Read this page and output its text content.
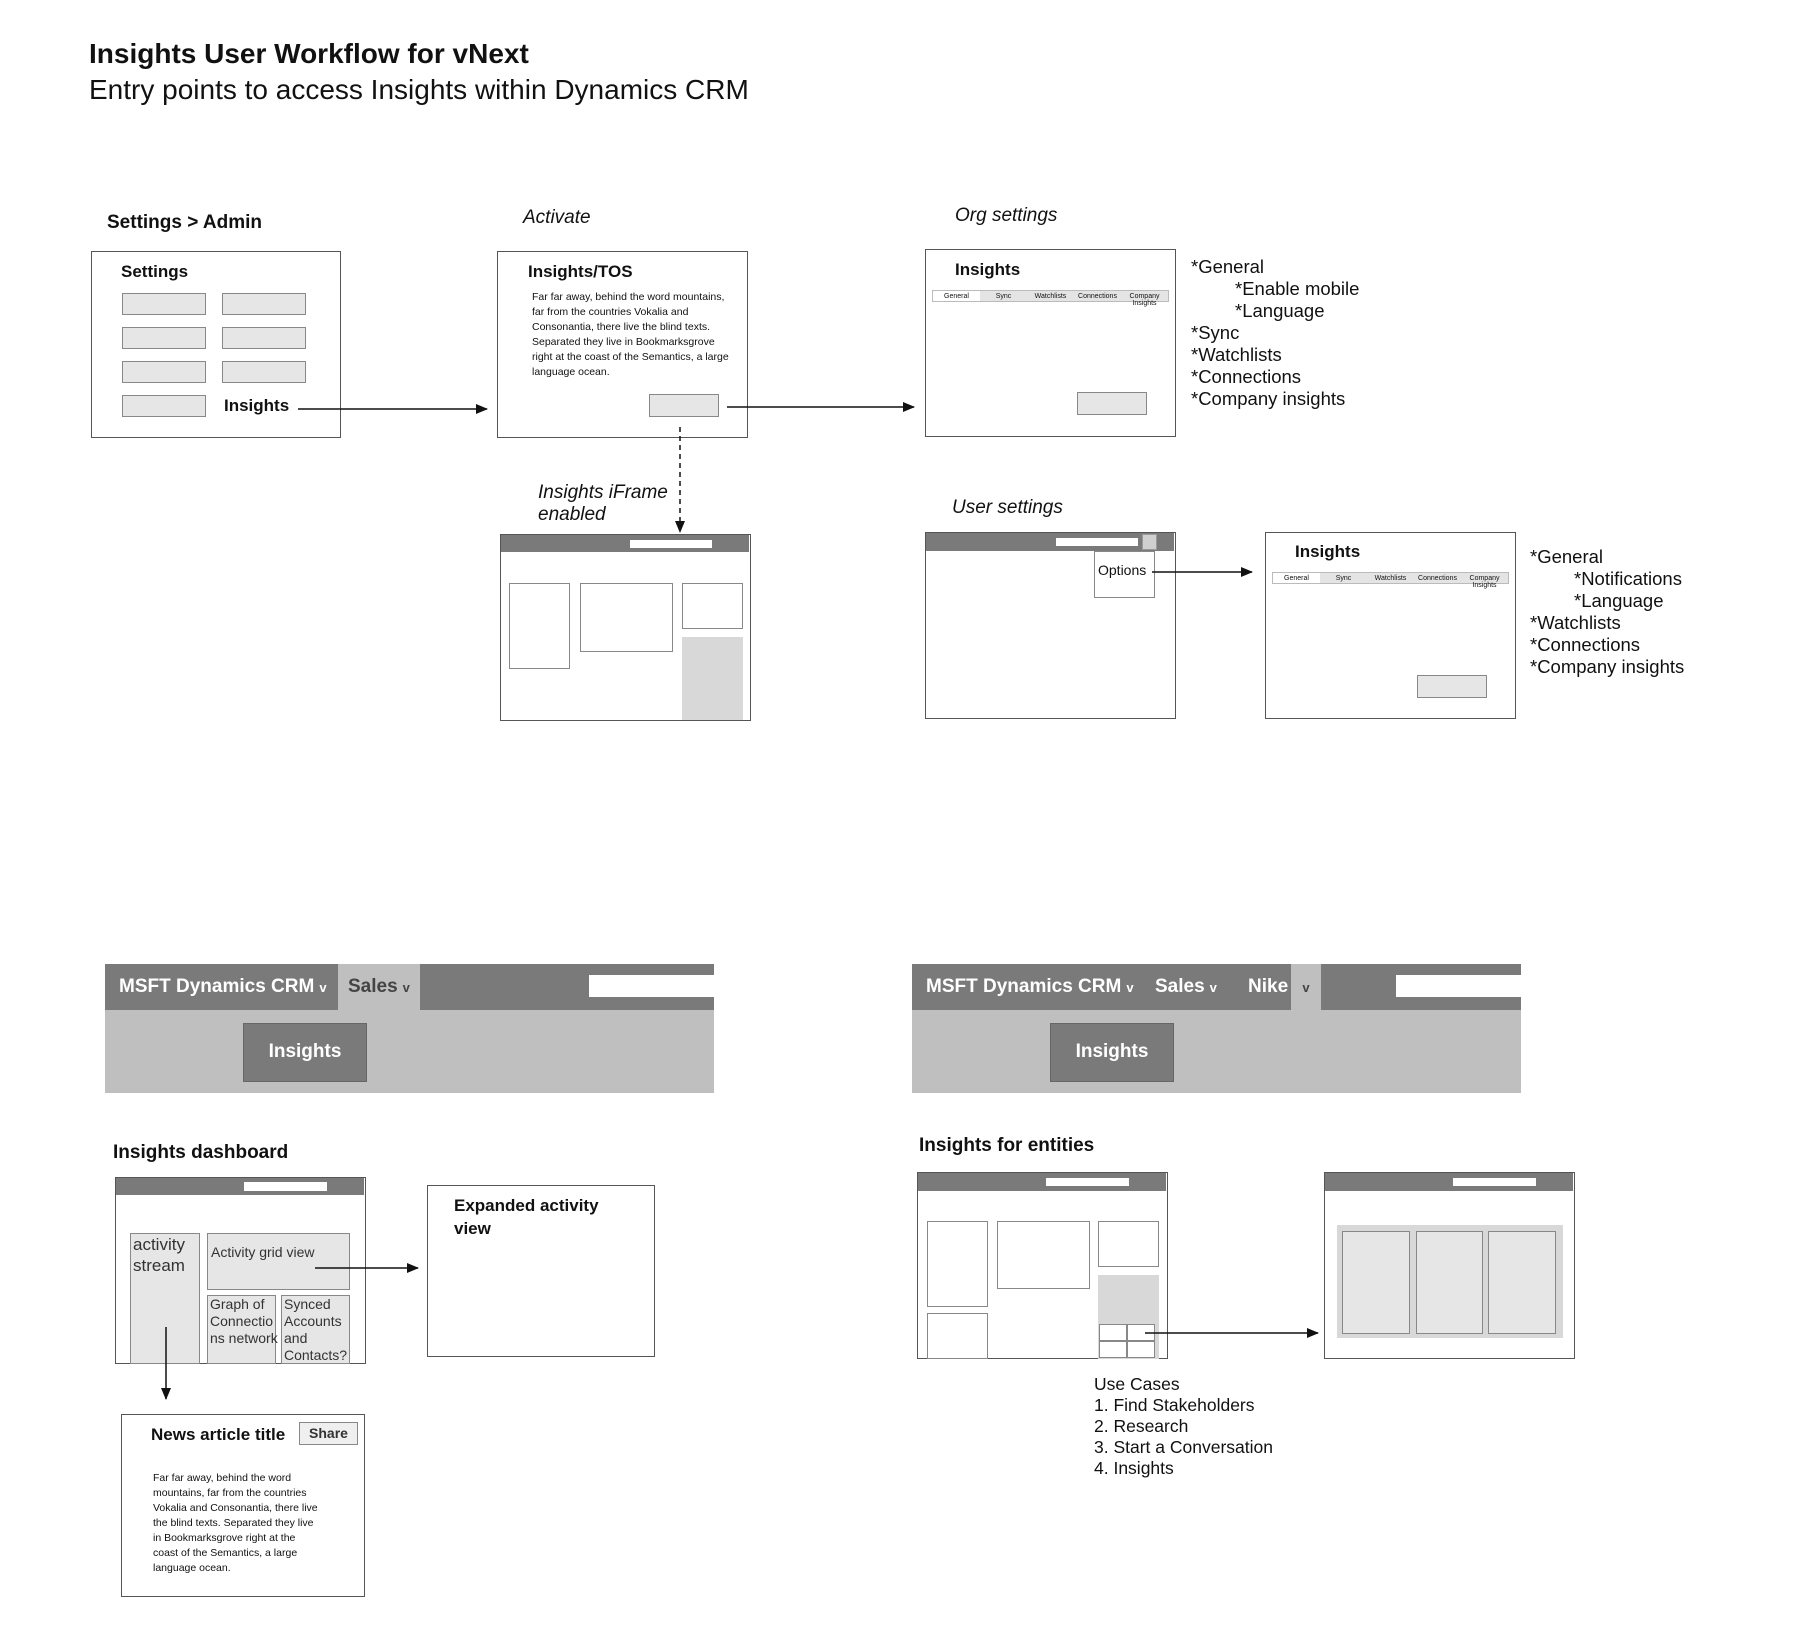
Insights User Workflow for vNext
Entry points to access Insights within Dynamics CRM
Settings > Admin
Settings
Insights
Activate
Insights/TOS
Far far away, behind the word mountains, far from the countries Vokalia and Consonantia, there live the blind texts. Separated they live in Bookmarksgrove right at the coast of the Semantics, a large language ocean.
Org settings
Insights
General	Sync	Watchlists	Connections	Company Insights
*General
*Enable mobile
*Language
*Sync
*Watchlists
*Connections
*Company insights
Insights iFrame
enabled	User settings
Options
Insights
General	Sync	Watchlists	Connections	Company Insights
*General
*Notifications
*Language
*Watchlists
*Connections
*Company insights
MSFT Dynamics CRM v	Sales v
Insights
MSFT Dynamics CRM v Sales v Nike	v
Insights
Insights dashboard
activity stream
Activity grid view
Graph of Connections network
Synced Accounts and Contacts?
Expanded activity view
News article title	Share
Far far away, behind the word mountains, far from the countries Vokalia and Consonantia, there live the blind texts. Separated they live in Bookmarksgrove right at the coast of the Semantics, a large language ocean.
Insights for entities
Use Cases
1. Find Stakeholders
2. Research
3. Start a Conversation
4. Insights
